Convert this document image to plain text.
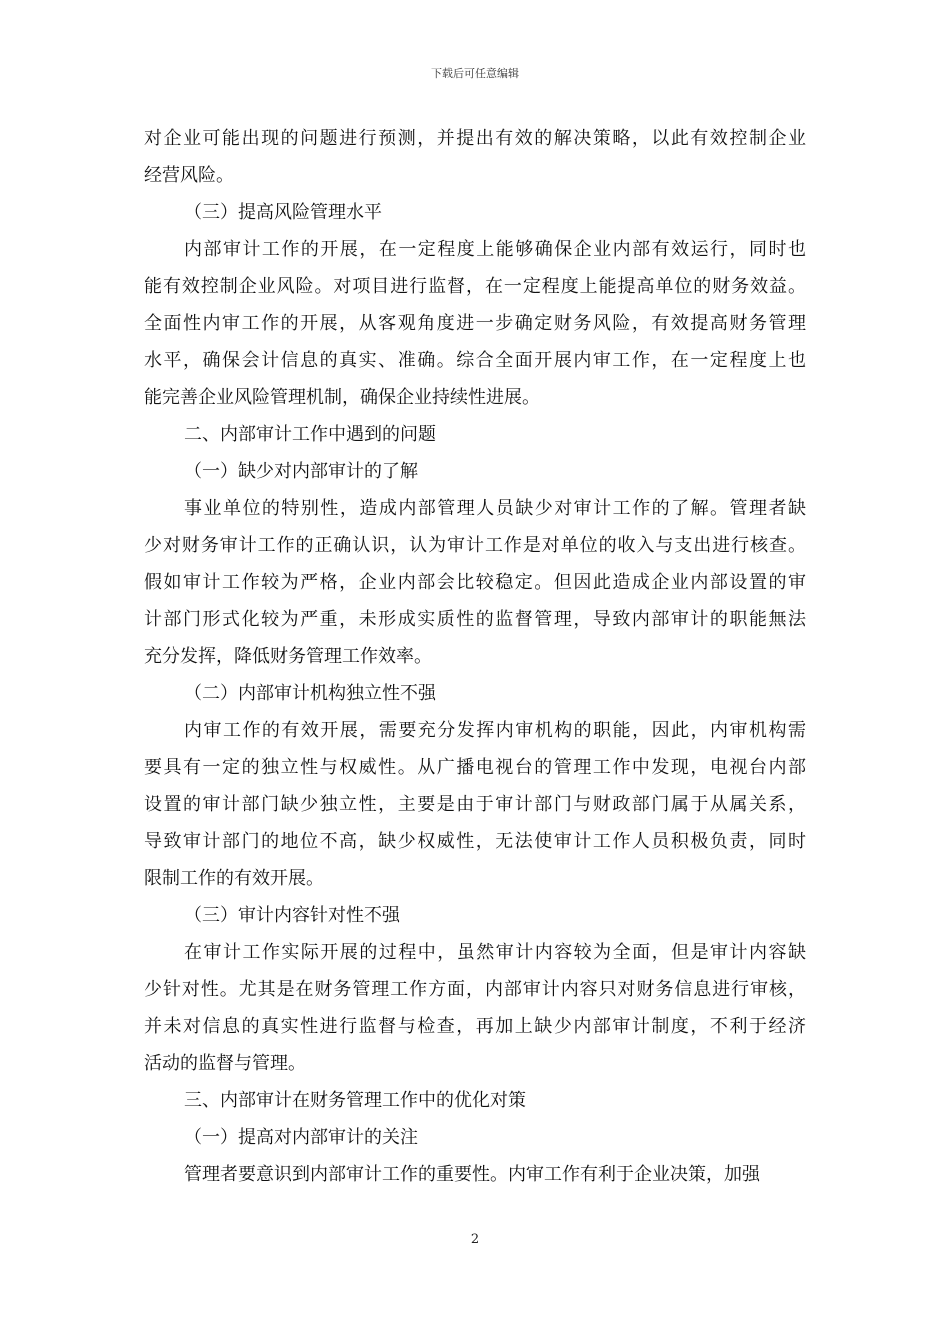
下载后可任意编辑
对企业可能出现的问题进行预测，并提出有效的解决策略，以此有效控制企业
经营风险。
（三）提高风险管理水平
内部审计工作的开展，在一定程度上能够确保企业内部有效运行，同时也
能有效控制企业风险。对项目进行监督，在一定程度上能提高单位的财务效益。
全面性内审工作的开展，从客观角度进一步确定财务风险，有效提高财务管理
水平，确保会计信息的真实、准确。综合全面开展内审工作，在一定程度上也
能完善企业风险管理机制，确保企业持续性进展。
二、内部审计工作中遇到的问题
（一）缺少对内部审计的了解
事业单位的特别性，造成内部管理人员缺少对审计工作的了解。管理者缺
少对财务审计工作的正确认识，认为审计工作是对单位的收入与支出进行核查。
假如审计工作较为严格，企业内部会比较稳定。但因此造成企业内部设置的审
计部门形式化较为严重，未形成实质性的监督管理，导致内部审计的职能無法
充分发挥，降低财务管理工作效率。
（二）内部审计机构独立性不强
内审工作的有效开展，需要充分发挥内审机构的职能，因此，内审机构需
要具有一定的独立性与权威性。从广播电视台的管理工作中发现，电视台内部
设置的审计部门缺少独立性，主要是由于审计部门与财政部门属于从属关系，
导致审计部门的地位不高，缺少权威性，无法使审计工作人员积极负责，同时
限制工作的有效开展。
（三）审计内容针对性不强
在审计工作实际开展的过程中，虽然审计内容较为全面，但是审计内容缺
少针对性。尤其是在财务管理工作方面，内部审计内容只对财务信息进行审核，
并未对信息的真实性进行监督与检查，再加上缺少内部审计制度，不利于经济
活动的监督与管理。
三、内部审计在财务管理工作中的优化对策
（一）提高对内部审计的关注
管理者要意识到内部审计工作的重要性。内审工作有利于企业决策，加强
2
